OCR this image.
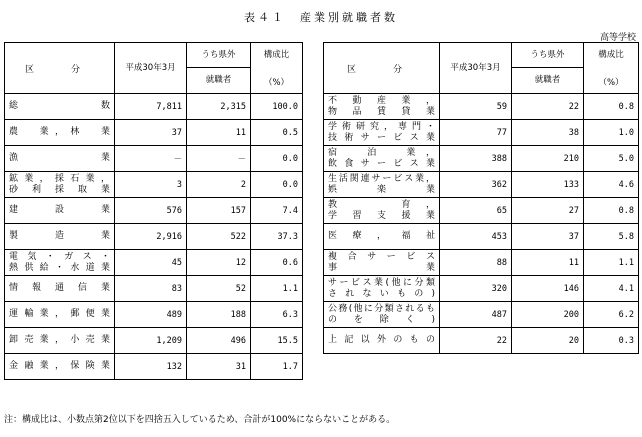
表４１　産業別就職者数
高等学校
区　分	平成30年3月	うち県外
就職者	構成比
（%）

総　　　　　数	7,811	2,315	100.0

農　業，林　業	37	11	0.5

漁　　　　　業	－	－	0.0

鉱業，採石業，
砂利採取業	3	2	0.0

建　設　業	576	157	7.4

製　造　業	2,916	522	37.3

電気・ガス・
熱供給・水道業	45	12	0.6

情報通信業	83	52	1.1

運輸業，郵便業	489	188	6.3

卸売業，小売業	1,209	496	15.5

金融業，保険業	132	31	1.7
区　分	平成30年3月	うち県外
就職者	構成比
（%）

不動産業，
物品賃貸業	59	22	0.8

学術研究，専門・
技術サービス業	77	38	1.0

宿　泊　業，
飲食サービス業	388	210	5.0

生活関連サービス業，
娯　楽　業	362	133	4.6

教　　育，
学習支援業	65	27	0.8

医療，福祉	453	37	5.8

複合サービス
事　　　業	88	11	1.1

サービス業(他に分類
されないもの)	320	146	4.1

公務(他に分類されるも
のを除く)	487	200	6.2

上記以外のもの	22	20	0.3
注：構成比は、小数点第2位以下を四捨五入しているため、合計が100%にならないことがある。
